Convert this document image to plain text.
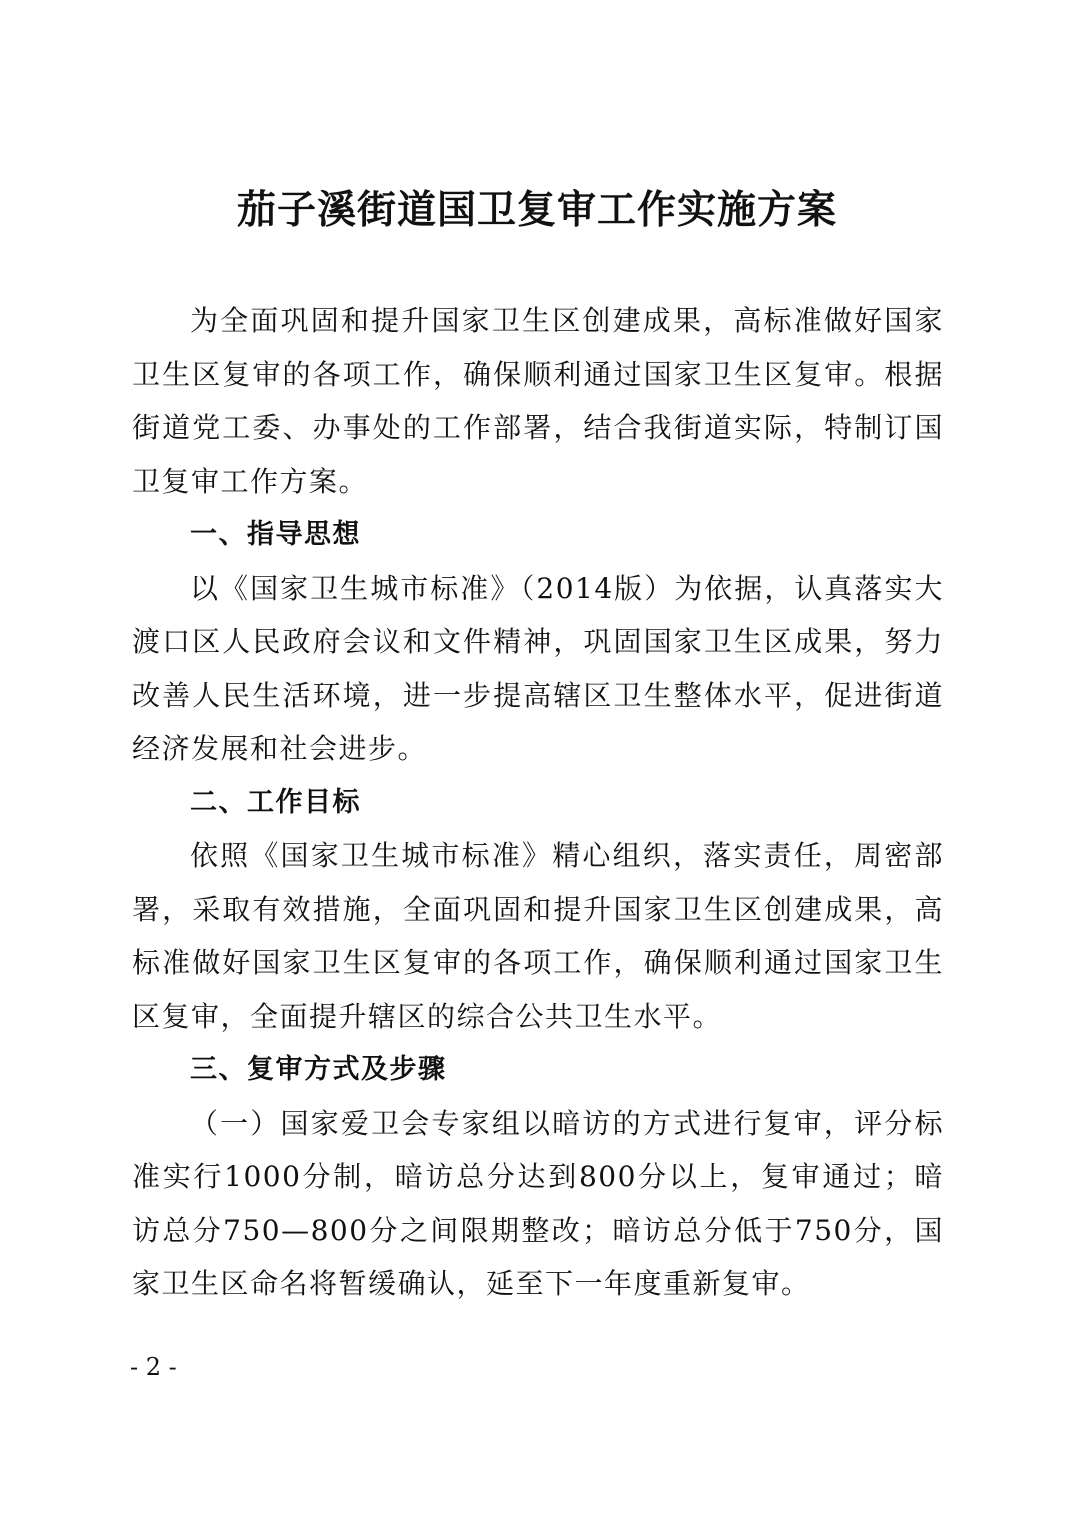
茄子溪街道国卫复审工作实施方案

为全面巩固和提升国家卫生区创建成果，高标准做好国家卫生区复审的各项工作，确保顺利通过国家卫生区复审。根据街道党工委、办事处的工作部署，结合我街道实际，特制订国卫复审工作方案。

一、指导思想

以《国家卫生城市标准》（2014版）为依据，认真落实大渡口区人民政府会议和文件精神，巩固国家卫生区成果，努力改善人民生活环境，进一步提高辖区卫生整体水平，促进街道经济发展和社会进步。

二、工作目标

依照《国家卫生城市标准》精心组织，落实责任，周密部署，采取有效措施，全面巩固和提升国家卫生区创建成果，高标准做好国家卫生区复审的各项工作，确保顺利通过国家卫生区复审，全面提升辖区的综合公共卫生水平。

三、复审方式及步骤

（一）国家爱卫会专家组以暗访的方式进行复审，评分标准实行1000分制，暗访总分达到800分以上，复审通过；暗访总分750—800分之间限期整改；暗访总分低于750分，国家卫生区命名将暂缓确认，延至下一年度重新复审。

- 2 -
